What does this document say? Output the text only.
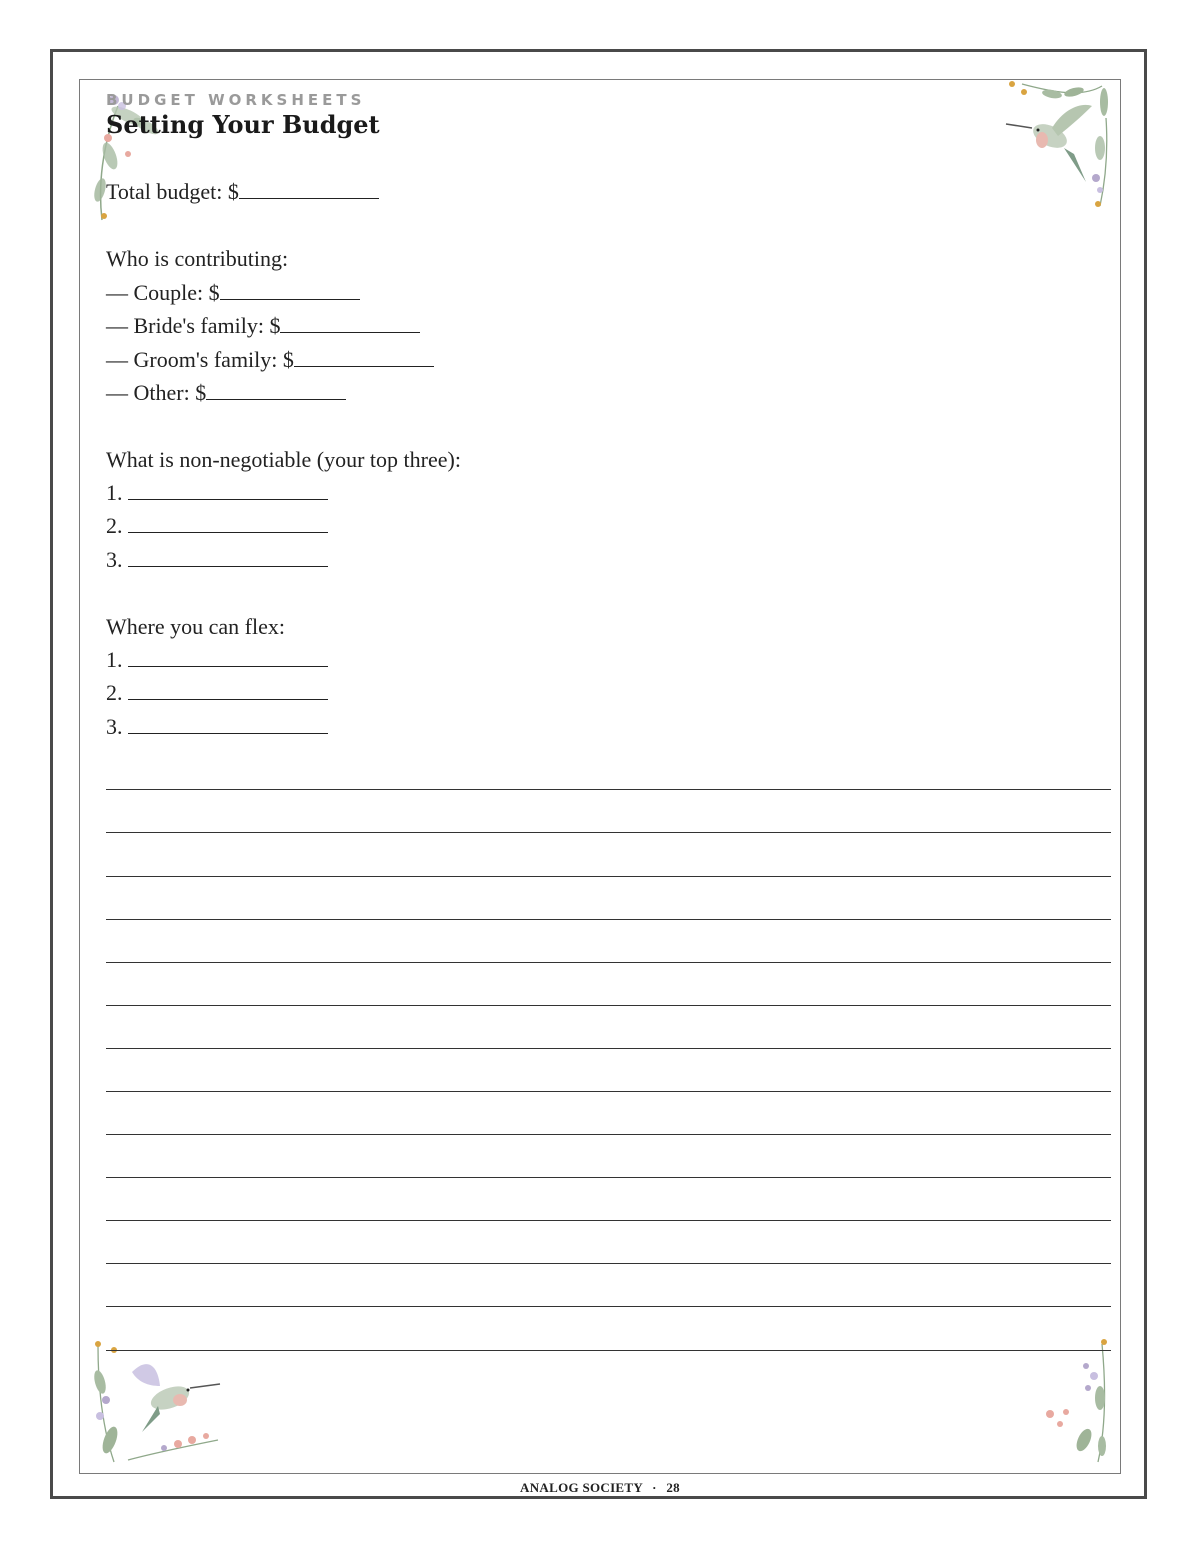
BUDGET WORKSHEETS
Setting Your Budget
Total budget: $
Who is contributing:
— Couple: $
— Bride's family: $
— Groom's family: $
— Other: $
What is non-negotiable (your top three):
1.
2.
3.
Where you can flex:
1.
2.
3.
ANALOG SOCIETY · 28
